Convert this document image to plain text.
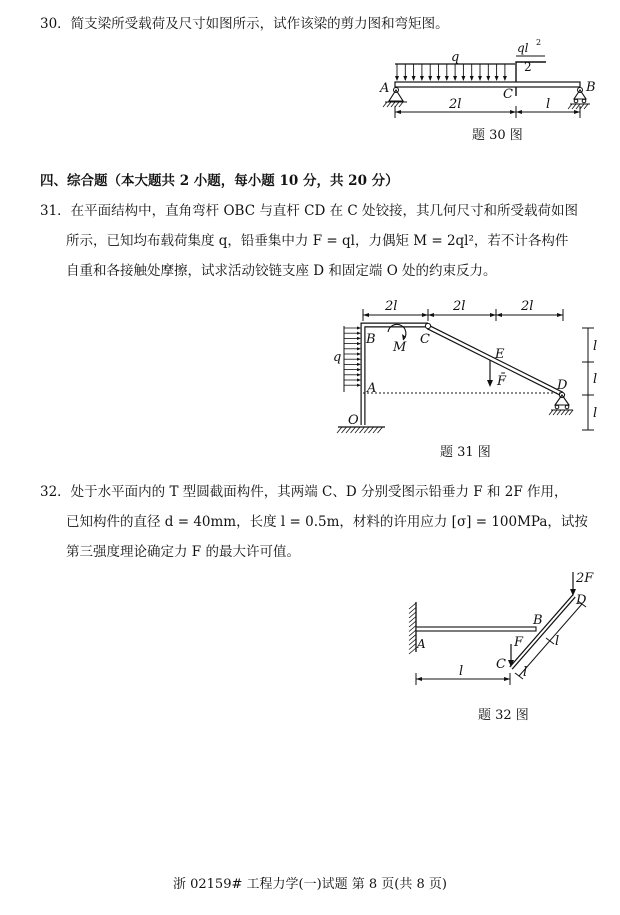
30．简支梁所受载荷及尺寸如图所示，试作该梁的剪力图和弯矩图。
q
ql 2
2
A	B
C
2l	l
题 30 图
四、综合题（本大题共 2 小题，每小题 10 分，共 20 分）
31．在平面结构中，直角弯杆 OBC 与直杆 CD 在 C 处铰接，其几何尺寸和所受载荷如图
所示，已知均布载荷集度 q，铅垂集中力 F = ql，力偶矩 M = 2ql²，若不计各构件
自重和各接触处摩擦，试求活动铰链支座 D 和固定端 O 处的约束反力。
2l	2l	2l
l
l
l
q
B
M
C
E
F̄	D
A
O
题 31 图
32．处于水平面内的 T 型圆截面构件，其两端 C、D 分别受图示铅垂力 F 和 2F 作用，
已知构件的直径 d = 40mm，长度 l = 0.5m，材料的许用应力 [σ] = 100MPa，试按
第三强度理论确定力 F 的最大许可值。
A
B
C
D
2F
F
l	l
l
题 32 图
浙 02159# 工程力学(一)试题 第 8 页(共 8 页)
